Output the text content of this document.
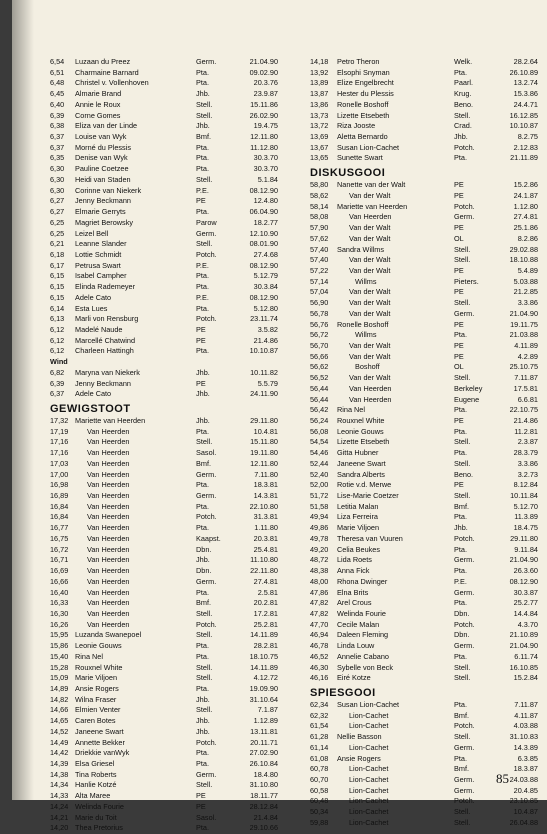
6,54	Luzaan du Preez	Germ.	21.04.90
6,51	Charmaine Barnard	Pta.	09.02.90
6,48	Christel v. Vollenhoven	Pta.	20.3.76
6,45	Almarie Brand	Jhb.	23.9.87
6,40	Annie le Roux	Stell.	15.11.86
6,39	Corne Gomes	Stell.	26.02.90
6,38	Eliza van der Linde	Jhb.	19.4.75
6,37	Louise van Wyk	Bmf.	12.11.80
6,37	Morné du Plessis	Pta.	11.12.80
6,35	Denise van Wyk	Pta.	30.3.70
6,30	Pauline Coetzee	Pta.	30.3.70
6,30	Heidi van Staden	Stell.	5.1.84
6,30	Corinne van Niekerk	P.E.	08.12.90
6,27	Jenny Beckmann	PE	12.4.80
6,27	Elmarie Gerryts	Pta.	06.04.90
6,25	Magriet Berowsky	Parow	18.2.77
6,25	Leizel Bell	Germ.	12.10.90
6,21	Leanne Slander	Stell.	08.01.90
6,18	Lottie Schmidt	Potch.	27.4.68
6,17	Petrusa Swart	P.E.	08.12.90
6,15	Isabel Campher	Pta.	5.12.79
6,15	Elinda Rademeyer	Pta.	30.3.84
6,15	Adele Cato	P.E.	08.12.90
6,14	Esta Lues	Pta.	5.12.80
6,13	Marli von Rensburg	Potch.	23.11.74
6,12	Madelé Naude	PE	3.5.82
6,12	Marcellé Chatwind	PE	21.4.86
6,12	Charleen Hattingh	Pta.	10.10.87
Wind
6,82	Maryna van Niekerk	Jhb.	10.11.82
6,39	Jenny Beckmann	PE	5.5.79
6,37	Adele Cato	Jhb.	24.11.90
GEWIGSTOOT
17,32 Mariette van Heerden	Jhb.	29.11.80
17,19	Van Heerden	Pta.	10.4.81
17,16	Van Heerden	Stell.	15.11.80
17,16	Van Heerden	Sasol.	19.11.80
17,03	Van Heerden	Bmf.	12.11.80
17,00	Van Heerden	Germ.	7.11.80
16,98	Van Heerden	Pta.	18.3.81
16,89	Van Heerden	Germ.	14.3.81
16,84	Van Heerden	Pta.	22.10.80
16,84	Van Heerden	Potch.	31.3.81
16,77	Van Heerden	Pta.	1.11.80
16,75	Van Heerden	Kaapst.	20.3.81
16,72	Van Heerden	Dbn.	25.4.81
16,71	Van Heerden	Jhb.	11.10.80
16,69	Van Heerden	Dbn.	22.11.80
16,66	Van Heerden	Germ.	27.4.81
16,40	Van Heerden	Pta.	2.5.81
16,33	Van Heerden	Bmf.	20.2.81
16,30	Van Heerden	Stell.	17.2.81
16,26	Van Heerden	Potch.	25.2.81
15,95 Luzanda Swanepoel	Stell.	14.11.89
15,86 Leonie Gouws	Pta.	28.2.81
15,40 Rina Nel	Pta.	18.10.75
15,28 Rouxnel White	Stell.	14.11.89
15,09 Marie Viljoen	Stell.	4.12.72
14,89 Ansie Rogers	Pta.	19.09.90
14,82 Wilna Fraser	Jhb.	31.10.64
14,66 Elmien Venter	Stell.	7.1.87
14,65 Caren Botes	Jhb.	1.12.89
14,52 Janeene Swart	Jhb.	13.11.81
14,49 Annette Bekker	Potch.	20.11.71
14,42 Driekkie vanWyk	Pta.	27.02.90
14,39 Elsa Griesel	Pta.	26.10.84
14,38 Tina Roberts	Germ.	18.4.80
14,34 Hanlie Kotzé	Stell.	31.10.80
14,33 Alta Maree	PE	18.11.77
14,24 Welinda Fourie	PE	28.12.84
14,21 Marie du Toit	Sasol.	21.4.84
14,20 Thea Pretorius	Pta.	29.10.66
14,18	Petro Theron	Welk.	28.2.64
13,92	Elsophi Snyman	Pta.	26.10.89
13,89	Elize Engelbrecht	Paarl.	13.2.74
13,87	Hester du Plessis	Krug.	15.3.86
13,86	Ronelle Boshoff	Beno.	24.4.71
13,73	Lizette Etsebeth	Stell.	16.12.85
13,72	Riza Jooste	Crad.	10.10.87
13,69	Aletta Bernardo	Jhb.	8.2.75
13,67	Susan Lion-Cachet	Potch.	2.12.83
13,65	Sunette Swart	Pta.	21.11.89
DISKUSGOOI
58,80	Nanette van der Walt	PE	15.2.86
58,62	Van der Walt	PE	24.1.87
58,14	Mariette van Heerden	Potch.	1.12.80
58,08	Van Heerden	Germ.	27.4.81
57,90	Van der Walt	PE	25.1.86
57,62	Van der Walt	OL	8.2.86
57,40	Sandra Willms	Stell.	29.02.88
57,40	Van der Walt	Stell.	18.10.88
57,22	Van der Walt	PE	5.4.89
57,14	Willms	Pieters.	5.03.88
57,04	Van der Walt	PE	21.2.85
56,90	Van der Walt	Stell.	3.3.86
56,78	Van der Walt	Germ.	21.04.90
56,76	Ronelle Boshoff	PE	19.11.75
56,72	Willms	Pta.	21.03.88
56,70	Van der Walt	PE	4.11.89
56,66	Van der Walt	PE	4.2.89
56,62	Boshoff	OL	25.10.75
56,52	Van der Walt	Stell.	7.11.87
56,44	Van Heerden	Berkeley	17.5.81
56,44	Van Heerden	Eugene	6.6.81
56,42	Rina Nel	Pta.	22.10.75
56,24	Rouxnel White	PE	21.4.86
56,08	Leonie Gouws	Pta.	11.2.81
54,54	Lizette Etsebeth	Stell.	2.3.87
54,46	Gitta Hubner	Pta.	28.3.79
52,44	Janeene Swart	Stell.	3.3.86
52,40	Sandra Alberts	Beno.	3.2.73
52,00	Rotie v.d. Merwe	PE	8.12.84
51,72	Lise-Marie Coetzer	Stell.	10.11.84
51,58	Letitia Malan	Bmf.	5.12.70
49,94	Liza Ferreira	Pta.	11.3.89
49,86	Marie Viljoen	Jhb.	18.4.75
49,78	Theresa van Vuuren	Potch.	29.11.80
49,20	Celia Beukes	Pta.	9.11.84
48,72	Lida Roets	Germ.	21.04.90
48,38	Anna Fick	Pta.	26.3.60
48,00	Rhona Dwinger	P.E.	08.12.90
47,86	Elna Brits	Germ.	30.3.87
47,82	Arel Crous	Pta.	25.2.77
47,82	Welinda Fourie	Dbn.	14.4.84
47,70	Cecile Malan	Potch.	4.3.70
46,94	Daleen Fleming	Dbn.	21.10.89
46,78	Linda Louw	Germ.	21.04.90
46,52	Annelie Cabano	Pta.	6.11.74
46,30	Sybelle von Beck	Stell.	16.10.85
46,16	Eiré Kotze	Stell.	15.2.84
SPIESGOOI
62,34	Susan Lion-Cachet	Pta.	7.11.87
62,32	Lion-Cachet	Bmf.	4.11.87
61,54	Lion-Cachet	Potch.	4.03.88
61,28	Nellie Basson	Stell.	31.10.83
61,14	Lion-Cachet	Germ.	14.3.89
61,08	Ansie Rogers	Pta.	6.3.85
60,78	Lion-Cachet	Bmf.	18.3.87
60,70	Lion-Cachet	Germ.	24.03.88
60,58	Lion-Cachet	Germ.	20.4.85
60,48	Lion-Cachet	Potch.	23.10.85
50,34	Lion-Cachet	Stell.	10.4.87
59,88	Lion-Cachet	Stell.	26.04.88
85
